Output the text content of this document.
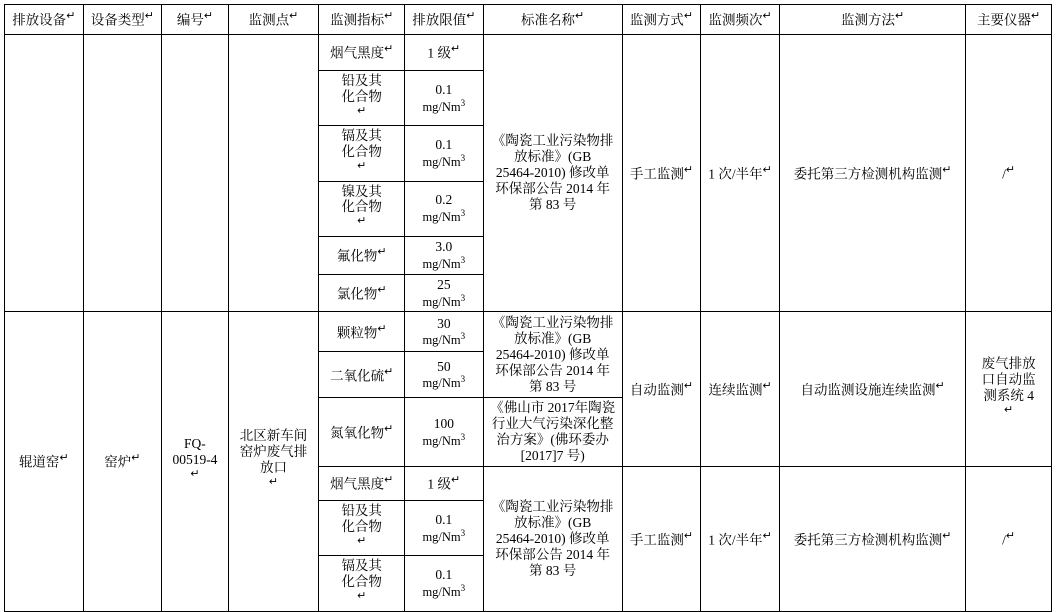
排放设备↵	设备类型↵	编号↵	监测点↵	监测指标↵	排放限值↵	标准名称↵	监测方式↵	监测频次↵	监测方法↵	主要仪器↵
				烟气黑度↵	1 级↵	《陶瓷工业污染物排
放标准》(GB
25464-2010) 修改单
环保部公告 2014 年
第 83 号	手工监测↵	1 次/半年↵	委托第三方检测机构监测↵	/↵

				铅及其
化合物
↵	0.1
mg/Nm$^3$

				镉及其
化合物
↵	0.1
mg/Nm$^3$

				镍及其
化合物
↵	0.2
mg/Nm$^3$

				氟化物↵	3.0
mg/Nm$^3$

				氯化物↵	25
mg/Nm$^3$

辊道窑↵	窑炉↵	FQ-
00519-4
↵	北区新车间
窑炉废气排
放口
↵	颗粒物↵	30
mg/Nm$^3$	《陶瓷工业污染物排
放标准》(GB
25464-2010) 修改单
环保部公告 2014 年
第 83 号	自动监测↵	连续监测↵	自动监测设施连续监测↵	废气排放
口自动监
测系统 4
↵
				二氧化硫↵	50
mg/Nm$^3$

				氮氧化物↵	100
mg/Nm$^3$	《佛山市 2017年陶瓷
行业大气污染深化整
治方案》(佛环委办
[2017]7 号)				

				烟气黑度↵	1 级↵	《陶瓷工业污染物排
放标准》(GB
25464-2010) 修改单
环保部公告 2014 年
第 83 号	手工监测↵	1 次/半年↵	委托第三方检测机构监测↵	/↵

				铅及其
化合物
↵	0.1
mg/Nm$^3$

				镉及其
化合物
↵	0.1
mg/Nm$^3$
